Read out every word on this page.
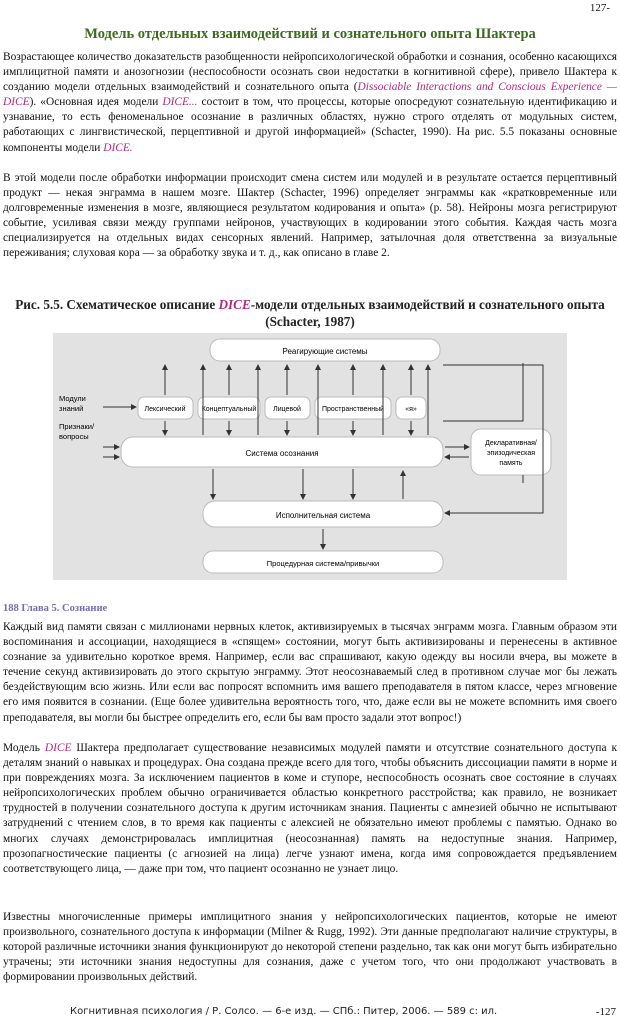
127-
Модель отдельных взаимодействий и сознательного опыта Шактера

Возрастающее количество доказательств разобщенности нейропсихологической обработки и сознания, особенно касающихся имплицитной памяти и анозогнозии (неспособности осознать свои недостатки в когнитивной сфере), привело Шактера к созданию модели отдельных взаимодействий и сознательного опыта (Dissociable Interactions and Conscious Experience — DICE). «Основная идея модели DICE... состоит в том, что процессы, которые опосредуют сознательную идентификацию и узнавание, то есть феноменальное осознание в различных областях, нужно строго отделять от модульных систем, работающих с лингвистической, перцептивной и другой информацией» (Schacter, 1990). На рис. 5.5 показаны основные компоненты модели DICE.

В этой модели после обработки информации происходит смена систем или модулей и в результате остается перцептивный продукт — некая энграмма в нашем мозге. Шактер (Schacter, 1996) определяет энграммы как «кратковременные или долговременные изменения в мозге, являющиеся результатом кодирования и опыта» (р. 58). Нейроны мозга регистрируют событие, усиливая связи между группами нейронов, участвующих в кодировании этого события. Каждая часть мозга специализируется на отдельных видах сенсорных явлений. Например, затылочная доля ответственна за визуальные переживания; слуховая кора — за обработку звука и т. д., как описано в главе 2.

Рис. 5.5. Схематическое описание DICE-модели отдельных взаимодействий и сознательного опыта (Schacter, 1987)
Реагирующие системы
Модули
знаний	Лексический Концептуальный Лицевой	Пространственный	«я»
Признаки/
вопросы
Система осознания
Декларативная/
эпизодическая
память
Исполнительная система
Процедурная система/привычки
188 Глава 5. Сознание

Каждый вид памяти связан с миллионами нервных клеток, активизируемых в тысячах энграмм мозга. Главным образом эти воспоминания и ассоциации, находящиеся в «спящем» состоянии, могут быть активизированы и перенесены в активное сознание за удивительно короткое время. Например, если вас спрашивают, какую одежду вы носили вчера, вы можете в течение секунд активизировать до этого скрытую энграмму. Этот неосознаваемый след в противном случае мог бы лежать бездействующим всю жизнь. Или если вас попросят вспомнить имя вашего преподавателя в пятом классе, через мгновение его имя появится в сознании. (Еще более удивительна вероятность того, что, даже если вы не можете вспомнить имя своего преподавателя, вы могли бы быстрее определить его, если бы вам просто задали этот вопрос!)

Модель DICE Шактера предполагает существование независимых модулей памяти и отсутствие сознательного доступа к деталям знаний о навыках и процедурах. Она создана прежде всего для того, чтобы объяснить диссоциации памяти в норме и при повреждениях мозга. За исключением пациентов в коме и ступоре, неспособность осознать свое состояние в случаях нейропсихологических проблем обычно ограничивается областью конкретного расстройства; как правило, не возникает трудностей в получении сознательного доступа к другим источникам знания. Пациенты с амнезией обычно не испытывают затруднений с чтением слов, в то время как пациенты с алексией не обязательно имеют проблемы с памятью. Однако во многих случаях демонстрировалась имплицитная (неосознанная) память на недоступные знания. Например, прозопагностические пациенты (с агнозией на лица) легче узнают имена, когда имя сопровождается предъявлением соответствующего лица, — даже при том, что пациент осознанно не узнает лицо.

Известны многочисленные примеры имплицитного знания у нейропсихологических пациентов, которые не имеют произвольного, сознательного доступа к информации (Milner & Rugg, 1992). Эти данные предполагают наличие структуры, в которой различные источники знания функционируют до некоторой степени раздельно, так как они могут быть избирательно утрачены; эти источники знания недоступны для сознания, даже с учетом того, что они продолжают участвовать в формировании произвольных действий.

Когнитивная психология / Р. Солсо. — 6-е изд. — СПб.: Питер, 2006. — 589 с: ил.	-127
